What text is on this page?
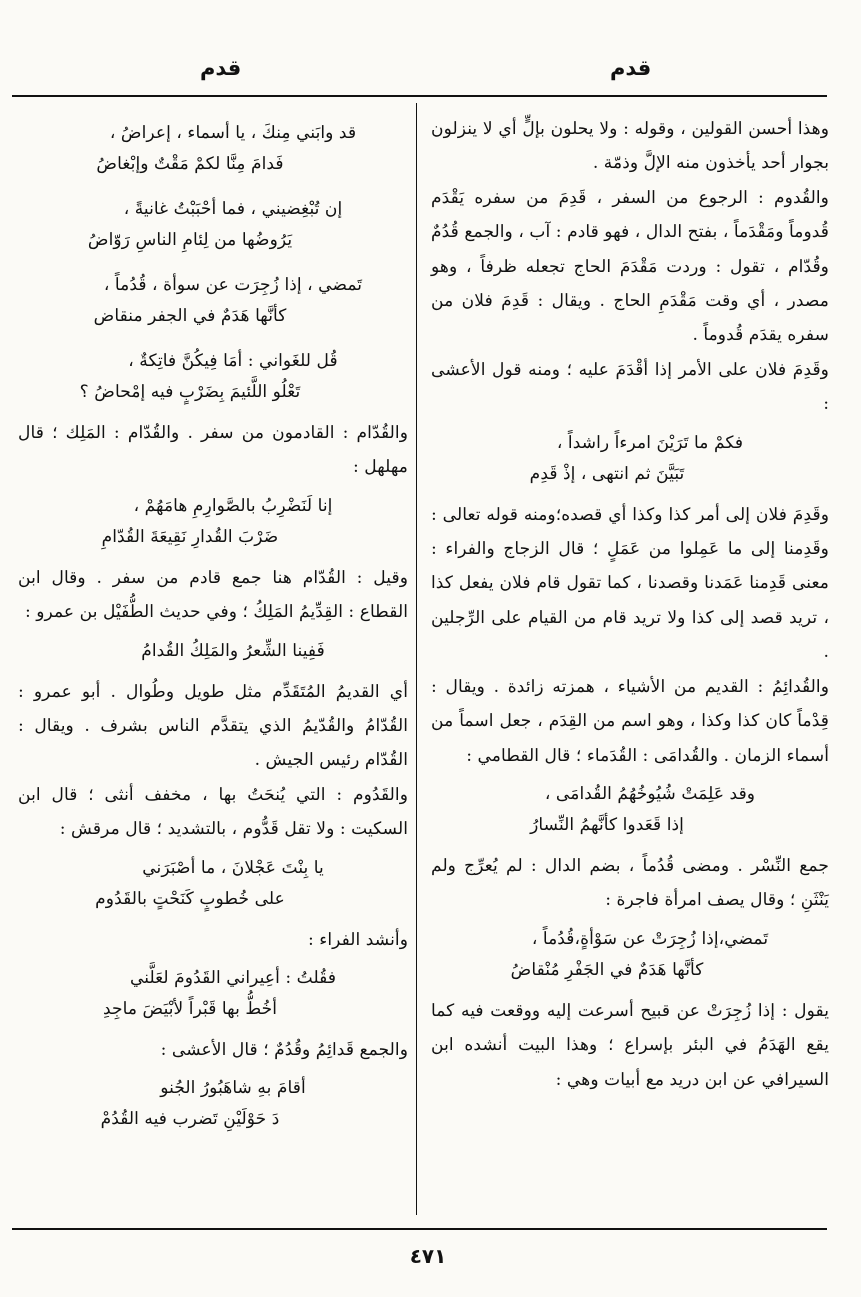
قدم	قدم

وهذا أحسن القولين ، وقوله : ولا يحلون بإلٍّ أي لا ينزلون بجوار أحد يأخذون منه الإلَّ وذمّة .

والقُدوم : الرجوع من السفر ، قَدِمَ من سفره يَقْدَم قُدوماً ومَقْدَماً ، بفتح الدال ، فهو قادم : آب ، والجمع قُدُمٌ وقُدّام ، تقول : وردت مَقْدَمَ الحاج تجعله ظرفاً ، وهو مصدر ، أي وقت مَقْدَمِ الحاج . ويقال : قَدِمَ فلان من سفره يقدَم قُدوماً .

وقَدِمَ فلان على الأمر إذا أقْدَمَ عليه ؛ ومنه قول الأعشى :

فكمْ ما تَرَيْنَ امرءاً راشداً ،
تَبَيَّنَ ثم انتهى ، إذْ قَدِم

وقَدِمَ فلان إلى أمر كذا وكذا أي قصده؛ومنه قوله تعالى : وقَدِمنا إلى ما عَمِلوا من عَمَلٍ ؛ قال الزجاج والفراء : معنى قَدِمنا عَمَدنا وقصدنا ، كما تقول قام فلان يفعل كذا ، تريد قصد إلى كذا ولا تريد قام من القيام على الرِّجلين .

والقُدائِمُ : القديم من الأشياء ، همزته زائدة . ويقال : قِدْماً كان كذا وكذا ، وهو اسم من القِدَم ، جعل اسماً من أسماء الزمان . والقُدامَى : القُدَماء ؛ قال القطامي :

وقد عَلِمَتْ شُيُوخُهُمُ القُدامَى ،
إذا قَعَدوا كأنَّهمُ النِّسارُ

جمع النِّسْر . ومضى قُدُماً ، بضم الدال : لم يُعرِّج ولم يَنْثَنِ ؛ وقال يصف امرأة فاجرة :

تَمضي،إذا زُجِرَتْ عن سَوْأةٍ،قُدُماً ،
كأنَّها هَدَمٌ في الجَفْرِ مُنْقاضُ

يقول : إذا زُجِرَتْ عن قبيح أسرعت إليه ووقعت فيه كما يقع الهَدَمُ في البئر بإسراع ؛ وهذا البيت أنشده ابن السيرافي عن ابن دريد مع أبيات وهي :

قد وابَني مِنكَ ، يا أسماء ، إعراضُ ،
فَدامَ مِنَّا لكمْ مَقْتٌ وإبْغاضُ
إن تُبْغِضيني ، فما أحْبَبْتُ غانيةً ،
يَرُوضُها من لِئامِ الناسِ رَوّاضُ
تَمضي ، إذا زُجِرَت عن سوأة ، قُدُماً ،
كأنَّها هَدَمٌ في الجفر منقاض
قُل للغَواني : أمَا فِيكُنَّ فاتِكةٌ ،
تَعْلُو اللَّئيمَ بِضَرْبٍ فيه إمْحاضُ ؟

والقُدّام : القادمون من سفر . والقُدّام : المَلِك ؛ قال مهلهل :

إنا لَنَضْرِبُ بالصَّوارِمِ هامَهُمْ ،
ضَرْبَ القُدارِ نَقِيعَةَ القُدّامِ

وقيل : القُدّام هنا جمع قادم من سفر . وقال ابن القطاع : القِدِّيمُ المَلِكُ ؛ وفي حديث الطُّفَيْل بن عمرو :

فَفِينا الشِّعرُ والمَلِكُ القُدامُ

أي القديمُ المُتَقَدِّم مثل طويل وطُوال . أبو عمرو : القُدّامُ والقُدّيمُ الذي يتقدَّم الناس بشرف . ويقال : القُدّام رئيس الجيش .

والقَدُوم : التي يُنحَتُ بها ، مخفف أنثى ؛ قال ابن السكيت : ولا تقل قَدُّوم ، بالتشديد ؛ قال مرقش :

يا بِنْتَ عَجْلانَ ، ما أصْبَرَني
على خُطوبٍ كَنَحْتٍ بالقَدُوم

وأنشد الفراء :

فقُلتُ : أعِيراني القَدُومَ لعَلَّني
أخُطُّ بها قَبْراً لأبْيَضَ ماجِدِ

والجمع قَدائِمُ وقُدُمٌ ؛ قال الأعشى :

أقامَ بهِ شاهَبُورُ الجُنو
دَ حَوْلَيْنِ تَضرب فيه القُدُمْ
٤٧١
